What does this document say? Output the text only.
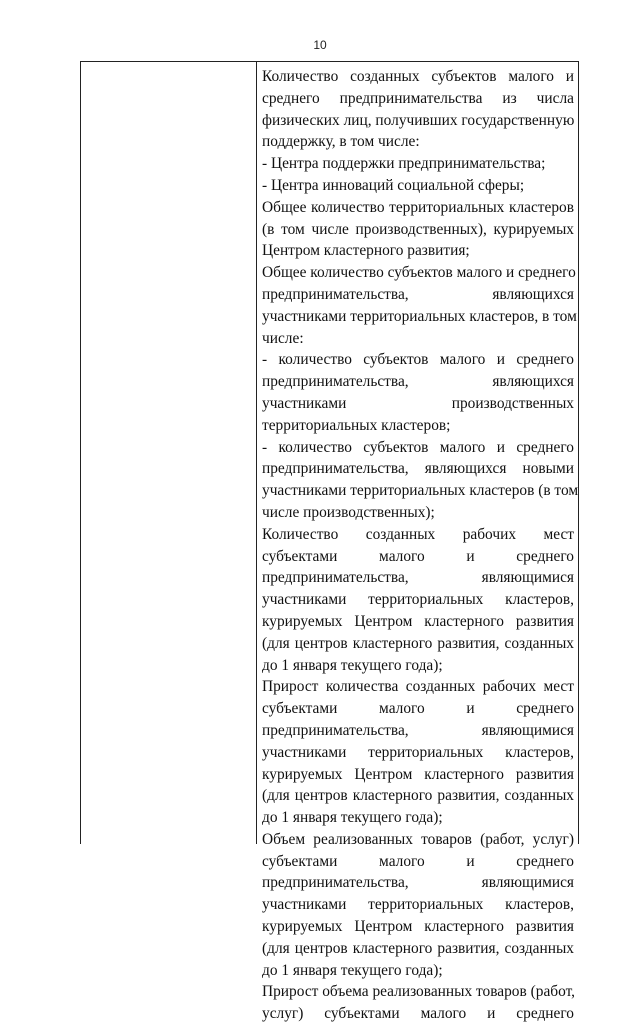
10
Количество созданных субъектов малого и
среднего предпринимательства из числа
физических лиц, получивших государственную
поддержку, в том числе:
- Центра поддержки предпринимательства;
- Центра инноваций социальной сферы;
Общее количество территориальных кластеров
(в том числе производственных), курируемых
Центром кластерного развития;
Общее количество субъектов малого и среднего
предпринимательства, являющихся
участниками территориальных кластеров, в том
числе:
- количество субъектов малого и среднего
предпринимательства, являющихся
участниками производственных
территориальных кластеров;
- количество субъектов малого и среднего
предпринимательства, являющихся новыми
участниками территориальных кластеров (в том
числе производственных);
Количество созданных рабочих мест
субъектами малого и среднего
предпринимательства, являющимися
участниками территориальных кластеров,
курируемых Центром кластерного развития
(для центров кластерного развития, созданных
до 1 января текущего года);
Прирост количества созданных рабочих мест
субъектами малого и среднего
предпринимательства, являющимися
участниками территориальных кластеров,
курируемых Центром кластерного развития
(для центров кластерного развития, созданных
до 1 января текущего года);
Объем реализованных товаров (работ, услуг)
субъектами малого и среднего
предпринимательства, являющимися
участниками территориальных кластеров,
курируемых Центром кластерного развития
(для центров кластерного развития, созданных
до 1 января текущего года);
Прирост объема реализованных товаров (работ,
услуг) субъектами малого и среднего
